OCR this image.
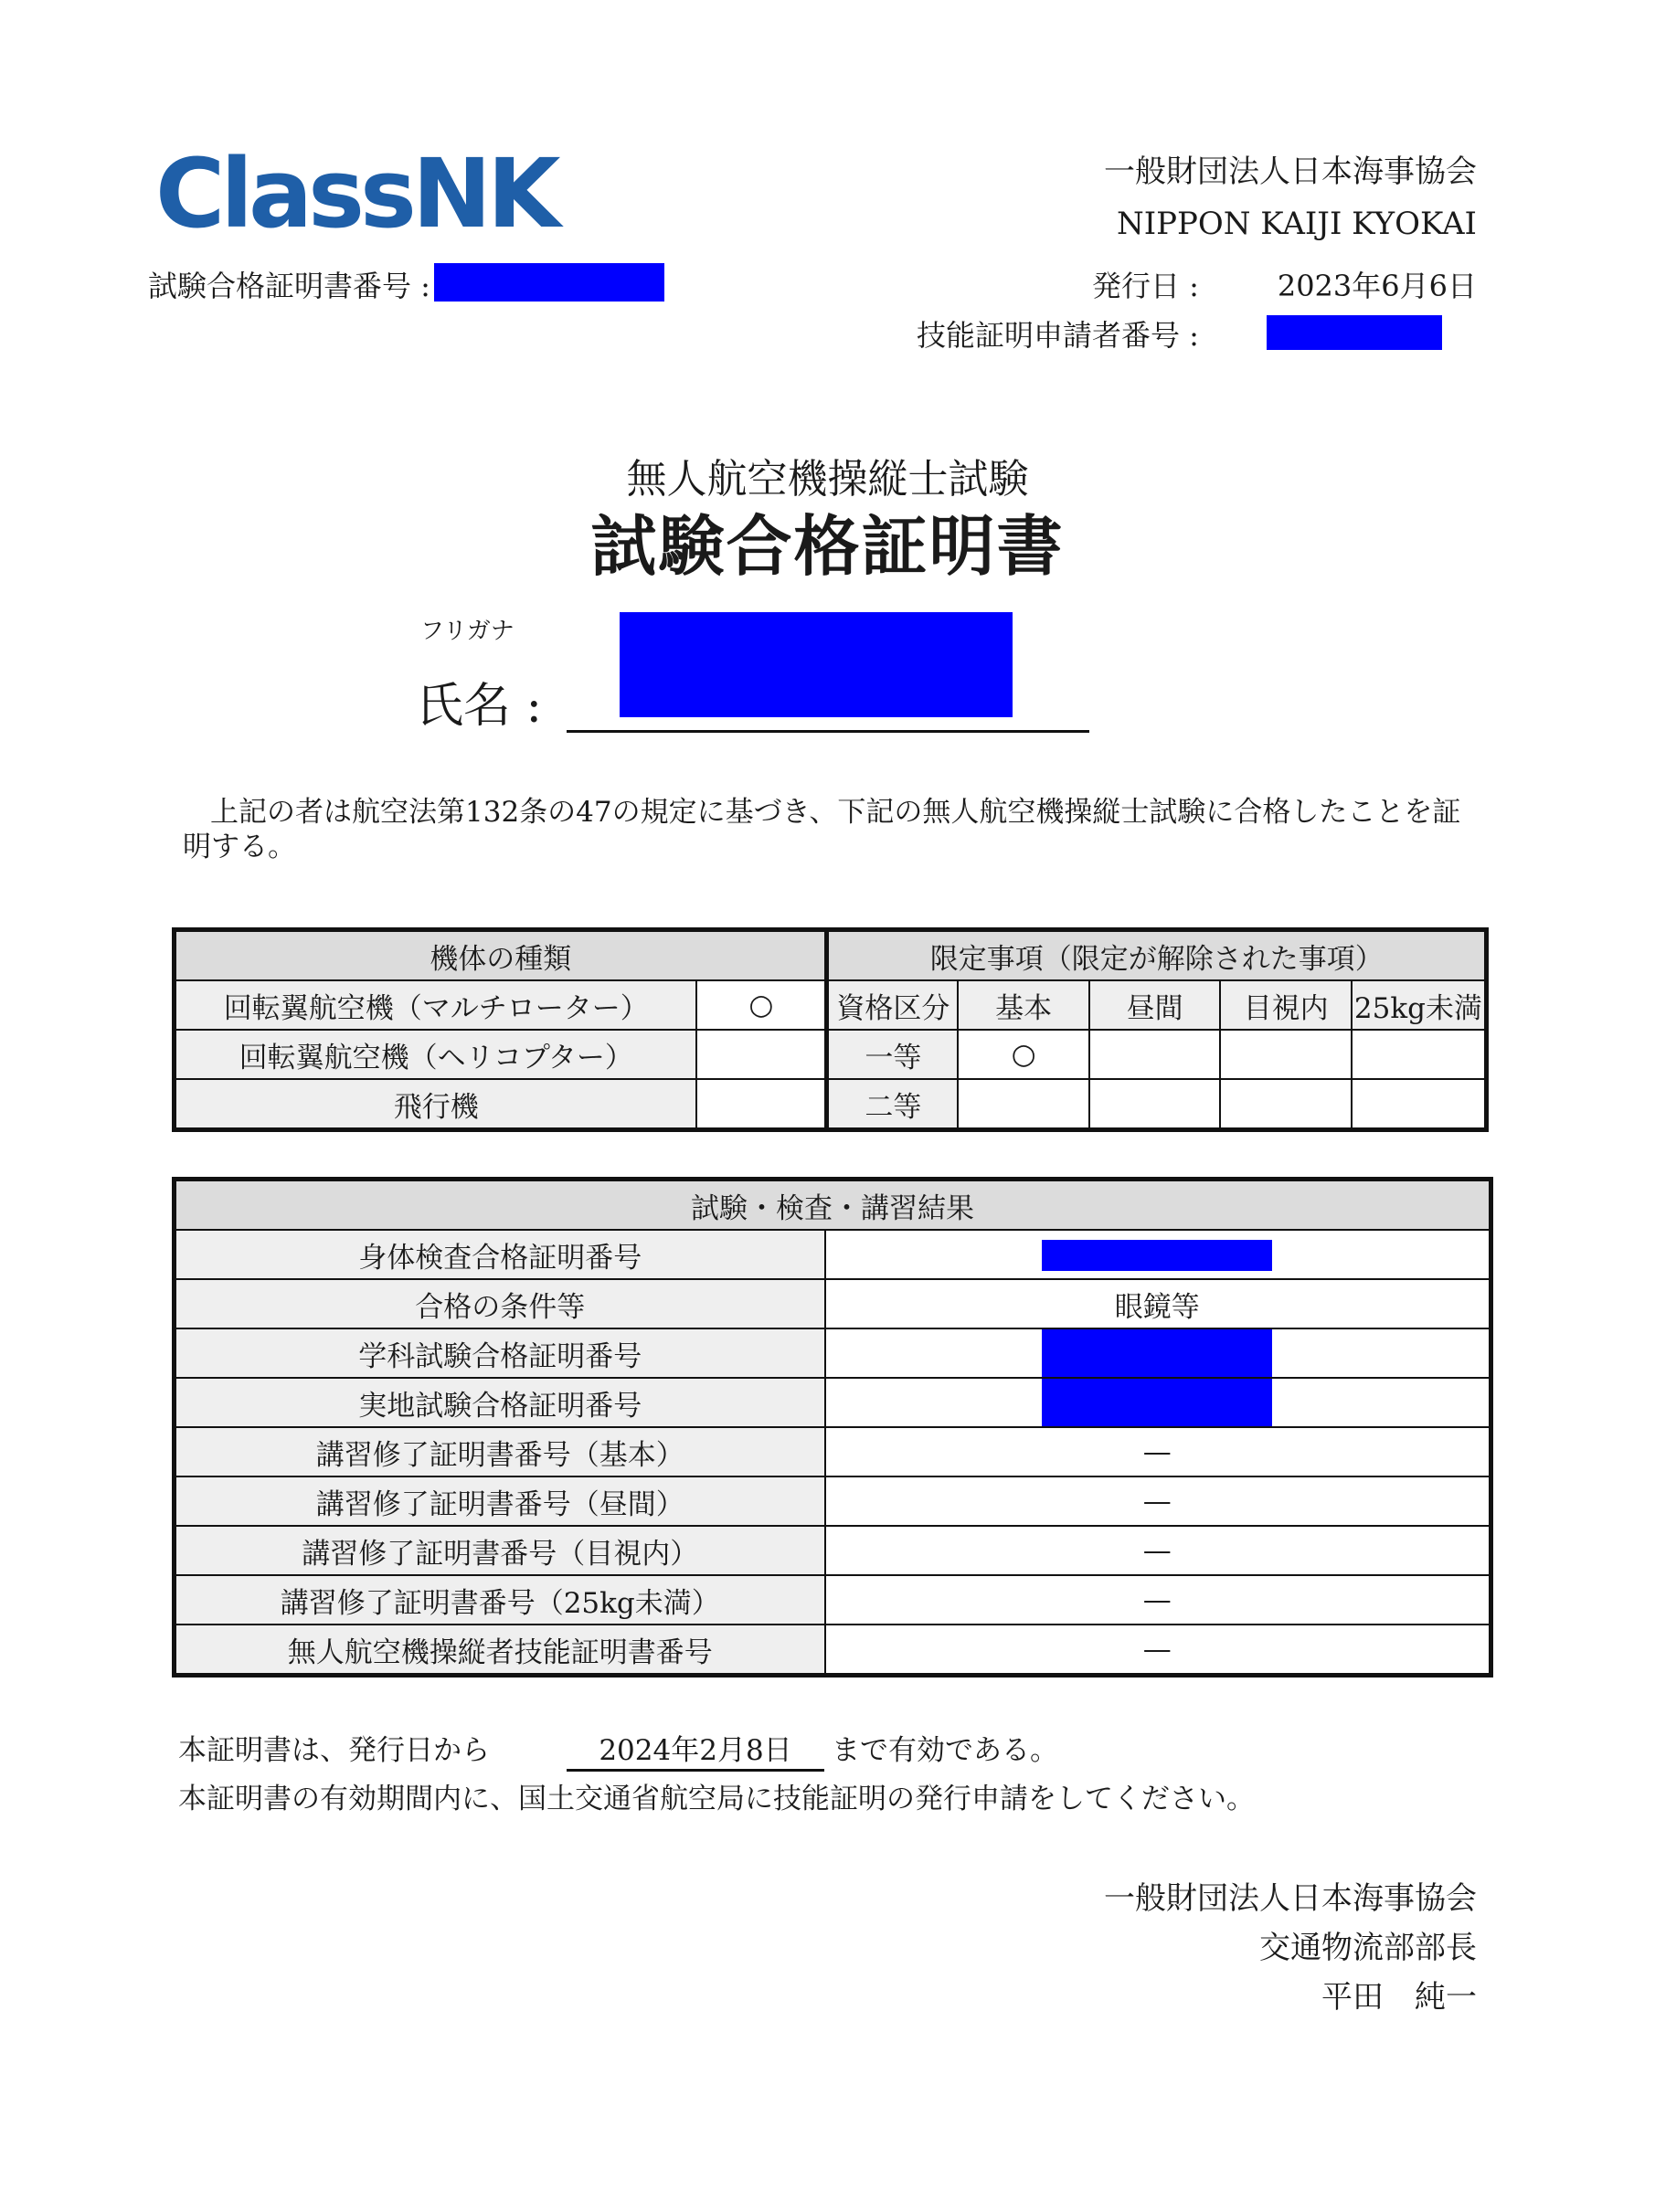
ClassNK	一般財団法人日本海事協会
NIPPON KAIJI KYOKAI
試験合格証明書番号 :	発行日 :	2023年6月6日
技能証明申請者番号 :
無人航空機操縦士試験
試験合格証明書
フリガナ
氏名 :
上記の者は航空法第132条の47の規定に基づき、下記の無人航空機操縦士試験に合格したことを証明する。
機体の種類		限定事項（限定が解除された事項）				
回転翼航空機（マルチローター）	○	資格区分	基本	昼間	目視内	25kg未満
回転翼航空機（ヘリコプター）		一等	○			
飛行機		二等				
試験・検査・講習結果	
身体検査合格証明番号	
合格の条件等	眼鏡等
学科試験合格証明番号	
実地試験合格証明番号	
講習修了証明書番号（基本）	—
講習修了証明書番号（昼間）	—
講習修了証明書番号（目視内）	—
講習修了証明書番号（25kg未満）	—
無人航空機操縦者技能証明書番号	—
本証明書は、発行日から	2024年2月8日	まで有効である。
本証明書の有効期間内に、国土交通省航空局に技能証明の発行申請をしてください。
一般財団法人日本海事協会
交通物流部部長
平田　純一
